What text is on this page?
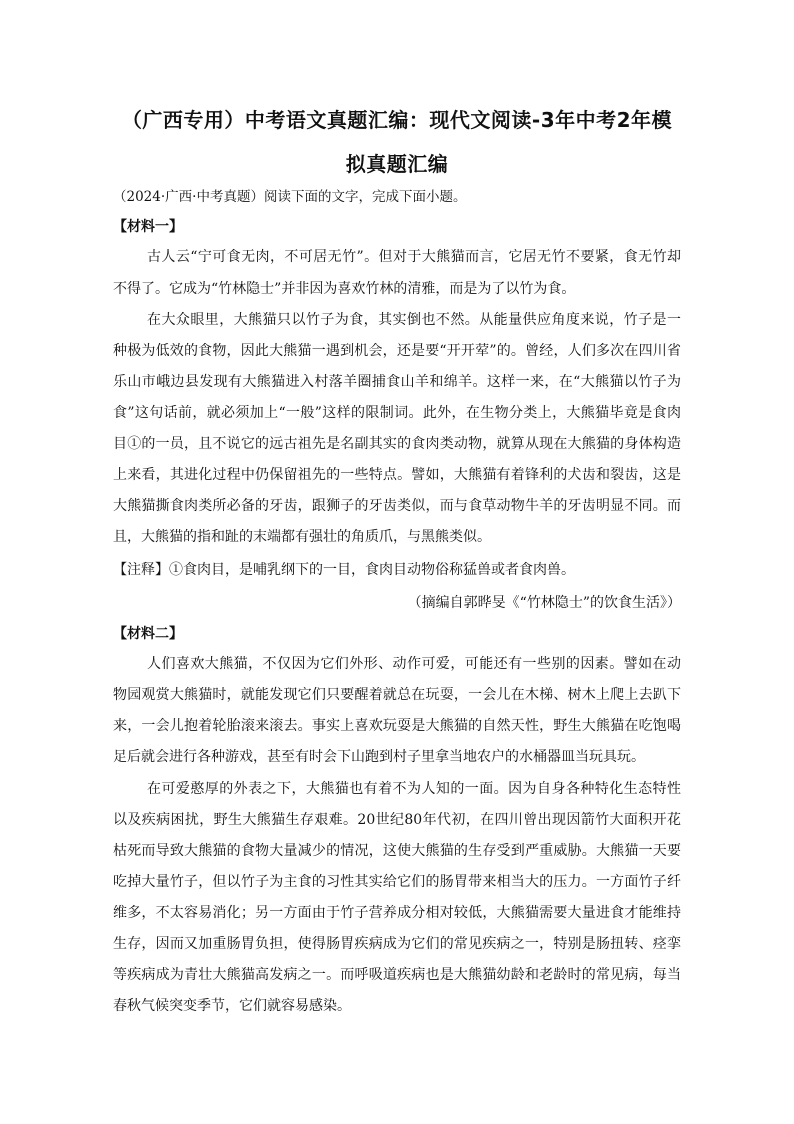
（广西专用）中考语文真题汇编：现代文阅读-3年中考2年模
拟真题汇编
（2024·广西·中考真题）阅读下面的文字，完成下面小题。
【材料一】
古人云“宁可食无肉，不可居无竹”。但对于大熊猫而言，它居无竹不要紧，食无竹却
不得了。它成为“竹林隐士”并非因为喜欢竹林的清雅，而是为了以竹为食。
在大众眼里，大熊猫只以竹子为食，其实倒也不然。从能量供应角度来说，竹子是一
种极为低效的食物，因此大熊猫一遇到机会，还是要“开开荤”的。曾经，人们多次在四川省
乐山市峨边县发现有大熊猫进入村落羊圈捕食山羊和绵羊。这样一来，在“大熊猫以竹子为
食”这句话前，就必须加上“一般”这样的限制词。此外，在生物分类上，大熊猫毕竟是食肉
目①的一员，且不说它的远古祖先是名副其实的食肉类动物，就算从现在大熊猫的身体构造
上来看，其进化过程中仍保留祖先的一些特点。譬如，大熊猫有着锋利的犬齿和裂齿，这是
大熊猫撕食肉类所必备的牙齿，跟狮子的牙齿类似，而与食草动物牛羊的牙齿明显不同。而
且，大熊猫的指和趾的末端都有强壮的角质爪，与黑熊类似。
【注释】①食肉目，是哺乳纲下的一目，食肉目动物俗称猛兽或者食肉兽。
（摘编自郭晔旻《“竹林隐士”的饮食生活》）
【材料二】
人们喜欢大熊猫，不仅因为它们外形、动作可爱，可能还有一些别的因素。譬如在动
物园观赏大熊猫时，就能发现它们只要醒着就总在玩耍，一会儿在木梯、树木上爬上去趴下
来，一会儿抱着轮胎滚来滚去。事实上喜欢玩耍是大熊猫的自然天性，野生大熊猫在吃饱喝
足后就会进行各种游戏，甚至有时会下山跑到村子里拿当地农户的水桶器皿当玩具玩。
在可爱憨厚的外表之下，大熊猫也有着不为人知的一面。因为自身各种特化生态特性
以及疾病困扰，野生大熊猫生存艰难。20世纪80年代初，在四川曾出现因箭竹大面积开花
枯死而导致大熊猫的食物大量减少的情况，这使大熊猫的生存受到严重威胁。大熊猫一天要
吃掉大量竹子，但以竹子为主食的习性其实给它们的肠胃带来相当大的压力。一方面竹子纤
维多，不太容易消化；另一方面由于竹子营养成分相对较低，大熊猫需要大量进食才能维持
生存，因而又加重肠胃负担，使得肠胃疾病成为它们的常见疾病之一，特别是肠扭转、痉挛
等疾病成为青壮大熊猫高发病之一。而呼吸道疾病也是大熊猫幼龄和老龄时的常见病，每当
春秋气候突变季节，它们就容易感染。
